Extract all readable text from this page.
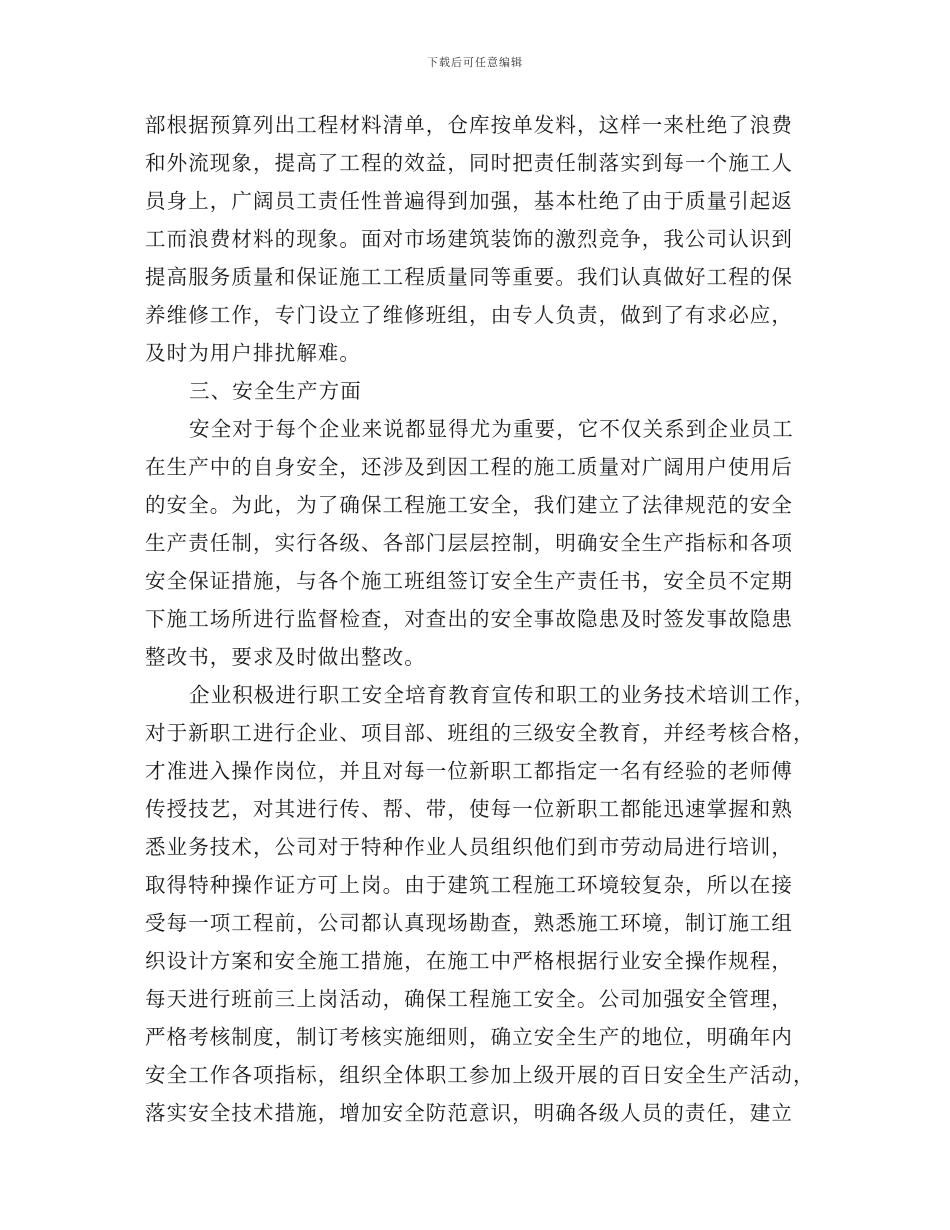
下载后可任意编辑
部根据预算列出工程材料清单，仓库按单发料，这样一来杜绝了浪费
和外流现象，提高了工程的效益，同时把责任制落实到每一个施工人
员身上，广阔员工责任性普遍得到加强，基本杜绝了由于质量引起返
工而浪费材料的现象。面对市场建筑装饰的激烈竞争，我公司认识到
提高服务质量和保证施工工程质量同等重要。我们认真做好工程的保
养维修工作，专门设立了维修班组，由专人负责，做到了有求必应，
及时为用户排扰解难。
三、安全生产方面
安全对于每个企业来说都显得尤为重要，它不仅关系到企业员工
在生产中的自身安全，还涉及到因工程的施工质量对广阔用户使用后
的安全。为此，为了确保工程施工安全，我们建立了法律规范的安全
生产责任制，实行各级、各部门层层控制，明确安全生产指标和各项
安全保证措施，与各个施工班组签订安全生产责任书，安全员不定期
下施工场所进行监督检查，对查出的安全事故隐患及时签发事故隐患
整改书，要求及时做出整改。
企业积极进行职工安全培育教育宣传和职工的业务技术培训工作，
对于新职工进行企业、项目部、班组的三级安全教育，并经考核合格，
才准进入操作岗位，并且对每一位新职工都指定一名有经验的老师傅
传授技艺，对其进行传、帮、带，使每一位新职工都能迅速掌握和熟
悉业务技术，公司对于特种作业人员组织他们到市劳动局进行培训，
取得特种操作证方可上岗。由于建筑工程施工环境较复杂，所以在接
受每一项工程前，公司都认真现场勘查，熟悉施工环境，制订施工组
织设计方案和安全施工措施，在施工中严格根据行业安全操作规程，
每天进行班前三上岗活动，确保工程施工安全。公司加强安全管理，
严格考核制度，制订考核实施细则，确立安全生产的地位，明确年内
安全工作各项指标，组织全体职工参加上级开展的百日安全生产活动，
落实安全技术措施，增加安全防范意识，明确各级人员的责任，建立
